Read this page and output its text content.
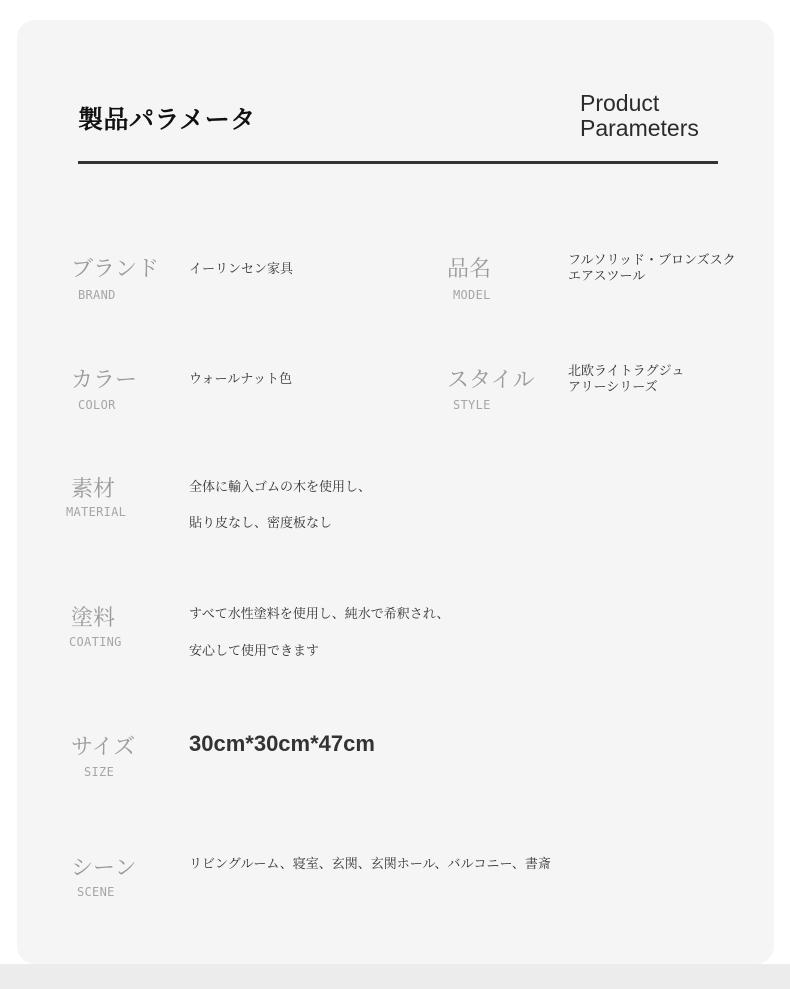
製品パラメータ
Product
Parameters
ブランド
BRAND
イーリンセン家具	品名
MODEL
フルソリッド・ブロンズスク
エアスツール
カラー
COLOR
ウォールナット色	スタイル
STYLE
北欧ライトラグジュ
アリーシリーズ
素材
MATERIAL
全体に輸入ゴムの木を使用し、
貼り皮なし、密度板なし
塗料
COATING
すべて水性塗料を使用し、純水で希釈され、
安心して使用できます
サイズ
SIZE
30cm*30cm*47cm
シーン
SCENE
リビングルーム、寝室、玄関、玄関ホール、バルコニー、書斎
